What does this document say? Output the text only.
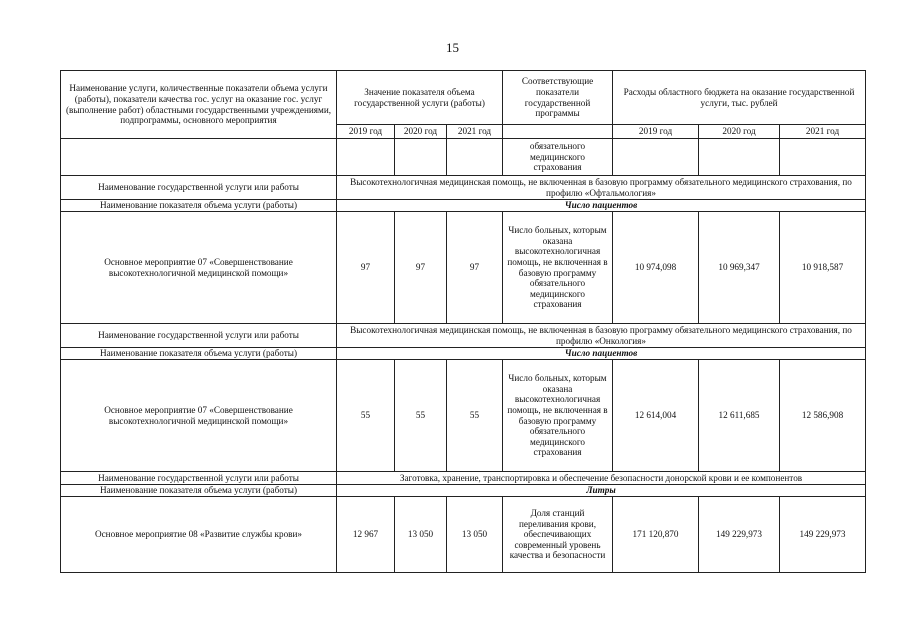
15
Наименование услуги, количественные показатели объема услуги (работы), показатели качества гос. услуг на оказание гос. услуг (выполнение работ) областными государственными учреждениями, подпрограммы, основного мероприятия	Значение показателя объема государственной услуги (работы)			Соответствующие показатели государственной программы	Расходы областного бюджета на оказание государственной услуги, тыс. рублей		
	2019 год	2020 год	2021 год		2019 год	2020 год	2021 год
				обязательного медицинского страхования			
Наименование государственной услуги или работы	Высокотехнологичная медицинская помощь, не включенная в базовую программу обязательного медицинского страхования, по профилю «Офтальмология»						
Наименование показателя объема услуги (работы)	Число пациентов						
Основное мероприятие 07 «Совершенствование высокотехнологичной медицинской помощи»	97	97	97	Число больных, которым оказана высокотехнологичная помощь, не включенная в базовую программу обязательного медицинского страхования	10 974,098	10 969,347	10 918,587
Наименование государственной услуги или работы	Высокотехнологичная медицинская помощь, не включенная в базовую программу обязательного медицинского страхования, по профилю «Онкология»						
Наименование показателя объема услуги (работы)	Число пациентов						
Основное мероприятие 07 «Совершенствование высокотехнологичной медицинской помощи»	55	55	55	Число больных, которым оказана высокотехнологичная помощь, не включенная в базовую программу обязательного медицинского страхования	12 614,004	12 611,685	12 586,908
Наименование государственной услуги или работы	Заготовка, хранение, транспортировка и обеспечение безопасности донорской крови и ее компонентов						
Наименование показателя объема услуги (работы)	Литры						
Основное мероприятие 08 «Развитие службы крови»	12 967	13 050	13 050	Доля станций переливания крови, обеспечивающих современный уровень качества и безопасности	171 120,870	149 229,973	149 229,973
